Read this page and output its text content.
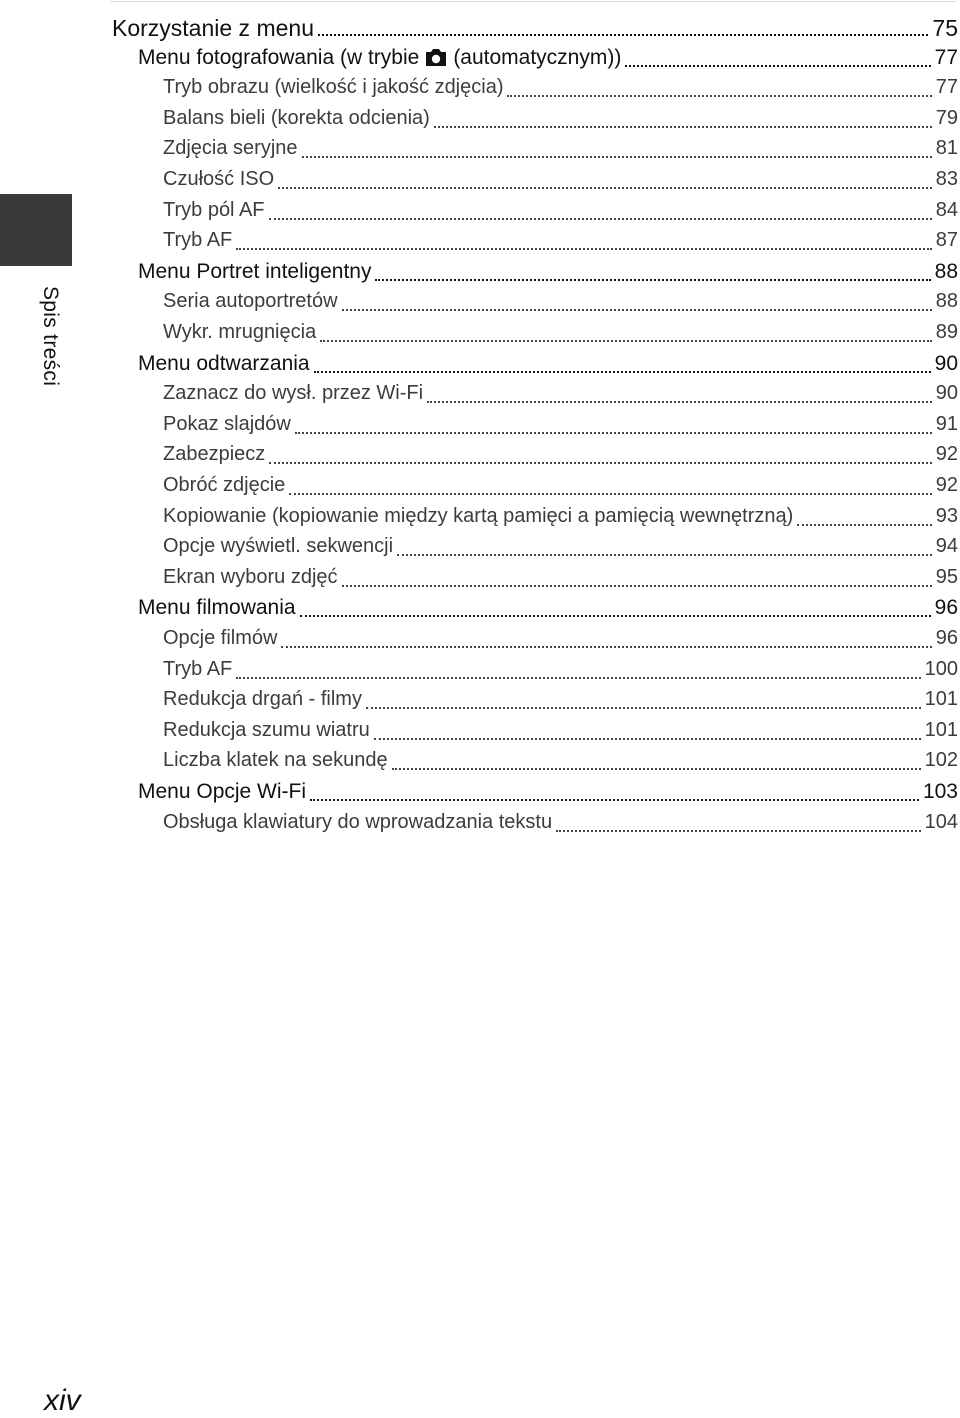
Spis treści
Korzystanie z menu	75
Menu fotografowania (w trybie (automatycznym))	77
Tryb obrazu (wielkość i jakość zdjęcia)	77
Balans bieli (korekta odcienia)	79
Zdjęcia seryjne	81
Czułość ISO	83
Tryb pól AF	84
Tryb AF	87
Menu Portret inteligentny	88
Seria autoportretów	88
Wykr. mrugnięcia	89
Menu odtwarzania	90
Zaznacz do wysł. przez Wi-Fi	90
Pokaz slajdów	91
Zabezpiecz	92
Obróć zdjęcie	92
Kopiowanie (kopiowanie między kartą pamięci a pamięcią wewnętrzną)	93
Opcje wyświetl. sekwencji	94
Ekran wyboru zdjęć	95
Menu filmowania	96
Opcje filmów	96
Tryb AF	100
Redukcja drgań - filmy	101
Redukcja szumu wiatru	101
Liczba klatek na sekundę	102
Menu Opcje Wi-Fi	103
Obsługa klawiatury do wprowadzania tekstu	104
xiv
